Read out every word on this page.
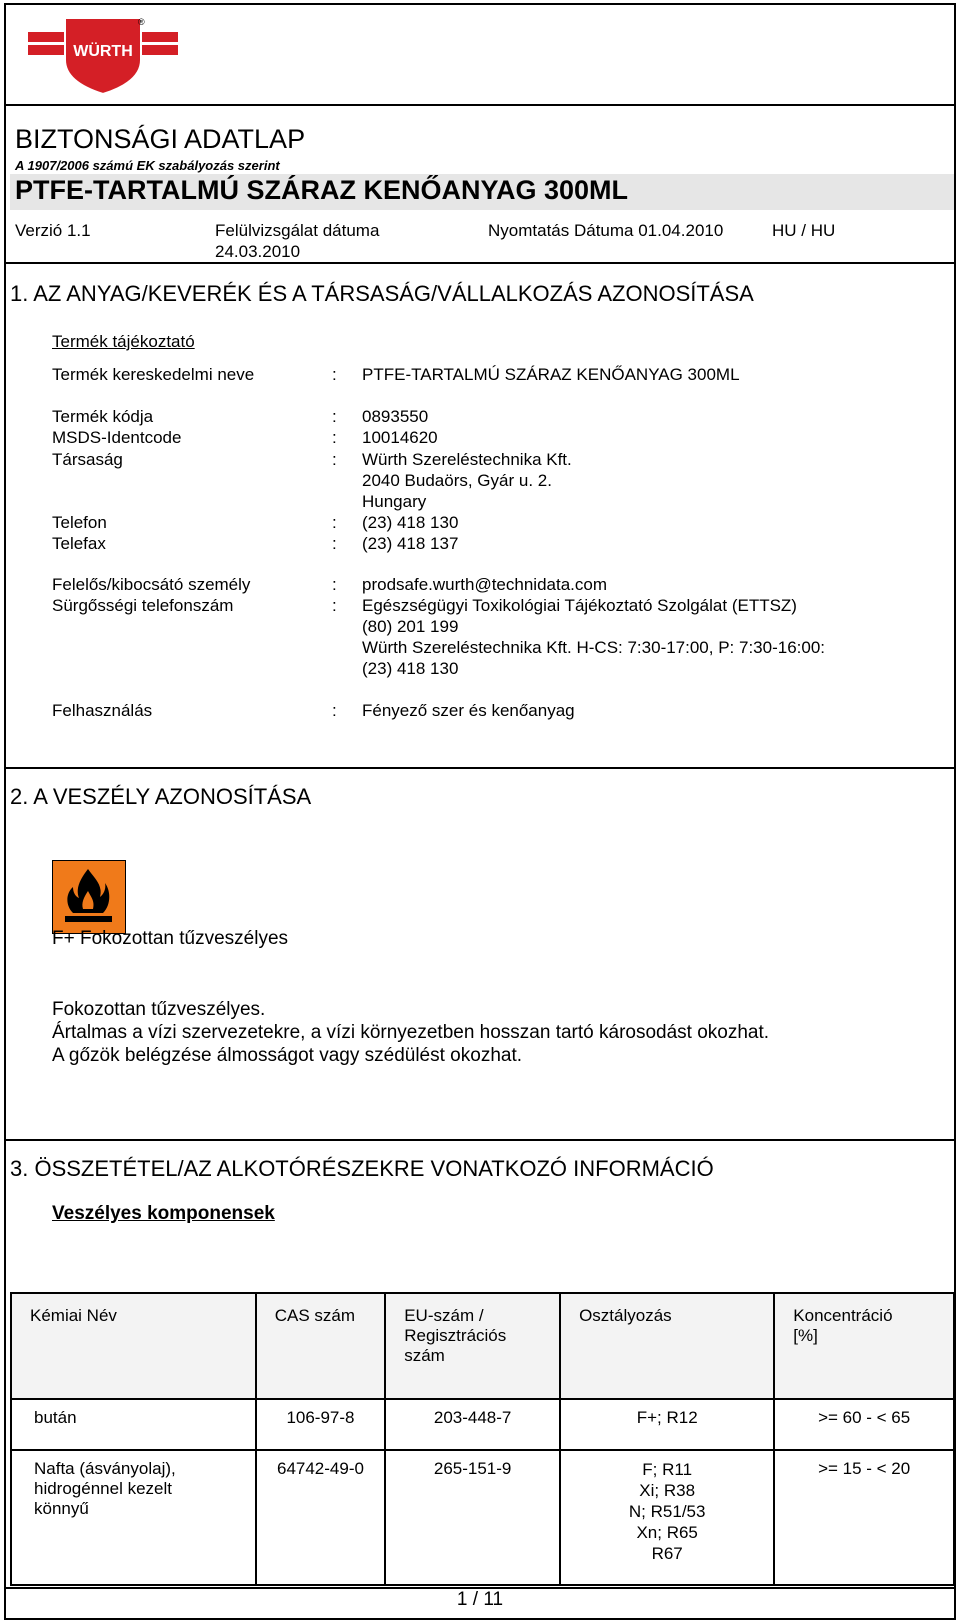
WÜRTH
®
BIZTONSÁGI ADATLAP
A 1907/2006 számú EK szabályozás szerint
PTFE-TARTALMÚ SZÁRAZ KENŐANYAG 300ML
Verzió 1.1	Felülvizsgálat dátuma
24.03.2010
Nyomtatás Dátuma 01.04.2010	HU / HU
1. AZ ANYAG/KEVERÉK ÉS A TÁRSASÁG/VÁLLALKOZÁS AZONOSÍTÁSA
Termék tájékoztató
Termék kereskedelmi neve	: PTFE-TARTALMÚ SZÁRAZ KENŐANYAG 300ML
Termék kódja	: 0893550
MSDS-Identcode	: 10014620
Társaság	: Würth Szereléstechnika Kft.
2040 Budaörs, Gyár u. 2.
Hungary
Telefon	: (23) 418 130
Telefax	: (23) 418 137
Felelős/kibocsátó személy	: prodsafe.wurth@technidata.com
Sürgősségi telefonszám	: Egészségügyi Toxikológiai Tájékoztató Szolgálat (ETTSZ)
(80) 201 199
Würth Szereléstechnika Kft. H-CS: 7:30-17:00, P: 7:30-16:00:
(23) 418 130
Felhasználás	: Fényező szer és kenőanyag
2. A VESZÉLY AZONOSÍTÁSA
F+ Fokozottan tűzveszélyes
Fokozottan tűzveszélyes.
Ártalmas a vízi szervezetekre, a vízi környezetben hosszan tartó károsodást okozhat.
A gőzök belégzése álmosságot vagy szédülést okozhat.
3. ÖSSZETÉTEL/AZ ALKOTÓRÉSZEKRE VONATKOZÓ INFORMÁCIÓ
Veszélyes komponensek
Kémiai Név	CAS szám	EU-szám / Regisztrációs szám	Osztályozás	Koncentráció [%]

bután	106-97-8	203-448-7	F+; R12	>= 60 - < 65

Nafta (ásványolaj), hidrogénnel kezelt könnyű	64742-49-0	265-151-9	F; R11
Xi; R38
N; R51/53
Xn; R65
R67	>= 15 - < 20
1 / 11
